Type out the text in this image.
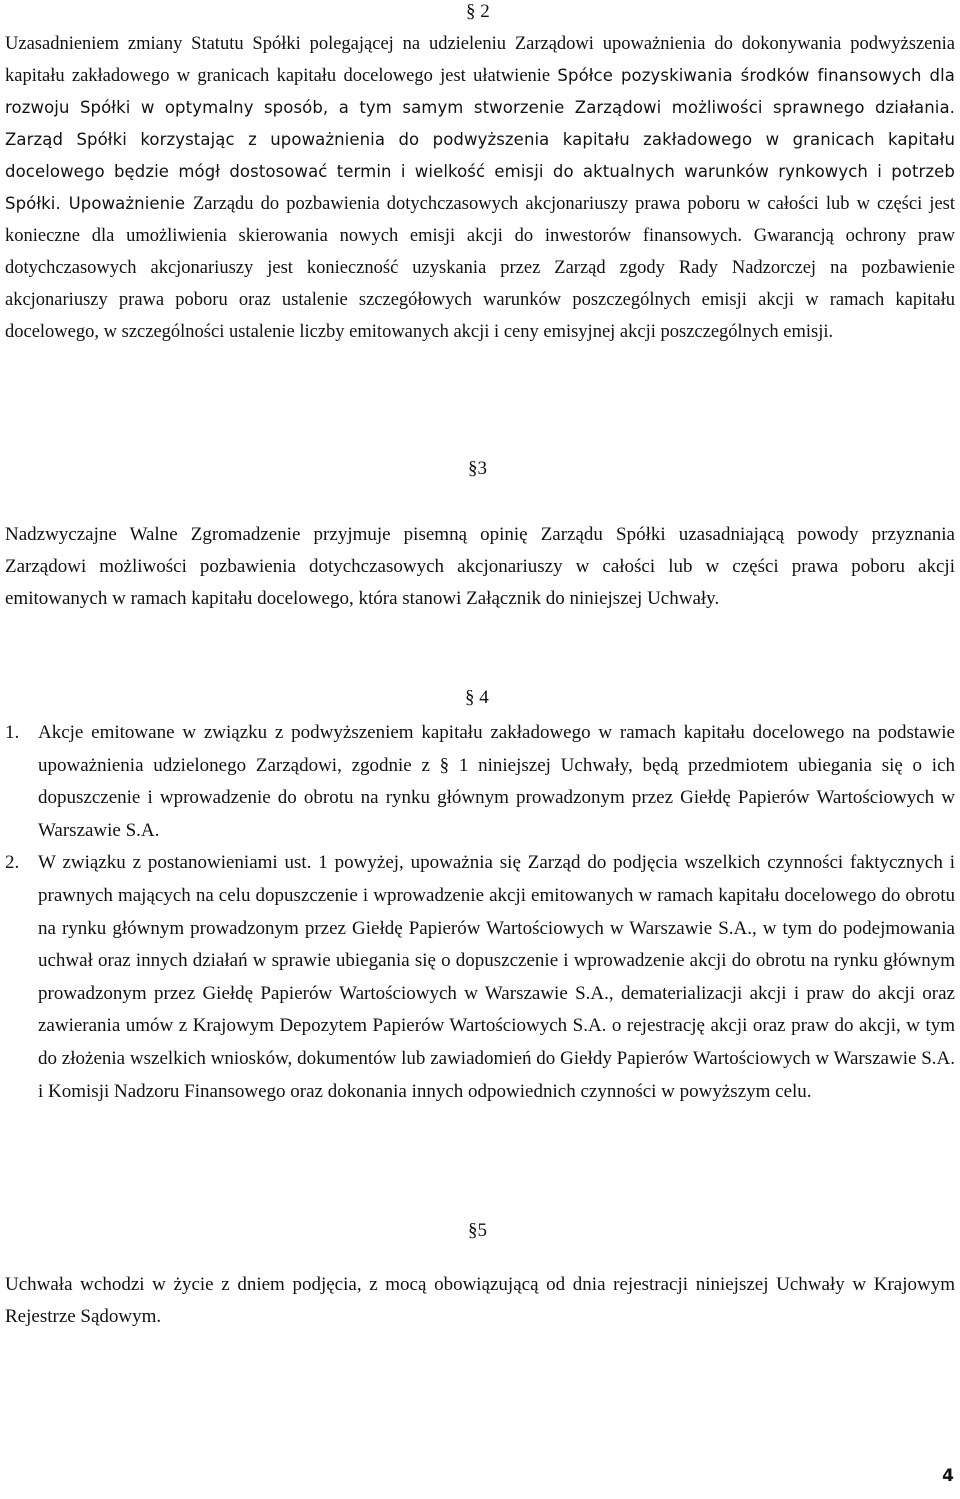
§ 2

Uzasadnieniem zmiany Statutu Spółki polegającej na udzieleniu Zarządowi upoważnienia do dokonywania podwyższenia kapitału zakładowego w granicach kapitału docelowego jest ułatwienie Spółce pozyskiwania środków finansowych dla rozwoju Spółki w optymalny sposób, a tym samym stworzenie Zarządowi możliwości sprawnego działania. Zarząd Spółki korzystając z upoważnienia do podwyższenia kapitału zakładowego w granicach kapitału docelowego będzie mógł dostosować termin i wielkość emisji do aktualnych warunków rynkowych i potrzeb Spółki. Upoważnienie Zarządu do pozbawienia dotychczasowych akcjonariuszy prawa poboru w całości lub w części jest konieczne dla umożliwienia skierowania nowych emisji akcji do inwestorów finansowych. Gwarancją ochrony praw dotychczasowych akcjonariuszy jest konieczność uzyskania przez Zarząd zgody Rady Nadzorczej na pozbawienie akcjonariuszy prawa poboru oraz ustalenie szczegółowych warunków poszczególnych emisji akcji w ramach kapitału docelowego, w szczególności ustalenie liczby emitowanych akcji i ceny emisyjnej akcji poszczególnych emisji.

§3

Nadzwyczajne Walne Zgromadzenie przyjmuje pisemną opinię Zarządu Spółki uzasadniającą powody przyznania Zarządowi możliwości pozbawienia dotychczasowych akcjonariuszy w całości lub w części prawa poboru akcji emitowanych w ramach kapitału docelowego, która stanowi Załącznik do niniejszej Uchwały.

§ 4
1. Akcje emitowane w związku z podwyższeniem kapitału zakładowego w ramach kapitału docelowego na podstawie upoważnienia udzielonego Zarządowi, zgodnie z § 1 niniejszej Uchwały, będą przedmiotem ubiegania się o ich dopuszczenie i wprowadzenie do obrotu na rynku głównym prowadzonym przez Giełdę Papierów Wartościowych w Warszawie S.A.
2. W związku z postanowieniami ust. 1 powyżej, upoważnia się Zarząd do podjęcia wszelkich czynności faktycznych i prawnych mających na celu dopuszczenie i wprowadzenie akcji emitowanych w ramach kapitału docelowego do obrotu na rynku głównym prowadzonym przez Giełdę Papierów Wartościowych w Warszawie S.A., w tym do podejmowania uchwał oraz innych działań w sprawie ubiegania się o dopuszczenie i wprowadzenie akcji do obrotu na rynku głównym prowadzonym przez Giełdę Papierów Wartościowych w Warszawie S.A., dematerializacji akcji i praw do akcji oraz zawierania umów z Krajowym Depozytem Papierów Wartościowych S.A. o rejestrację akcji oraz praw do akcji, w tym do złożenia wszelkich wniosków, dokumentów lub zawiadomień do Giełdy Papierów Wartościowych w Warszawie S.A. i Komisji Nadzoru Finansowego oraz dokonania innych odpowiednich czynności w powyższym celu.
§5

Uchwała wchodzi w życie z dniem podjęcia, z mocą obowiązującą od dnia rejestracji niniejszej Uchwały w Krajowym Rejestrze Sądowym.

4
